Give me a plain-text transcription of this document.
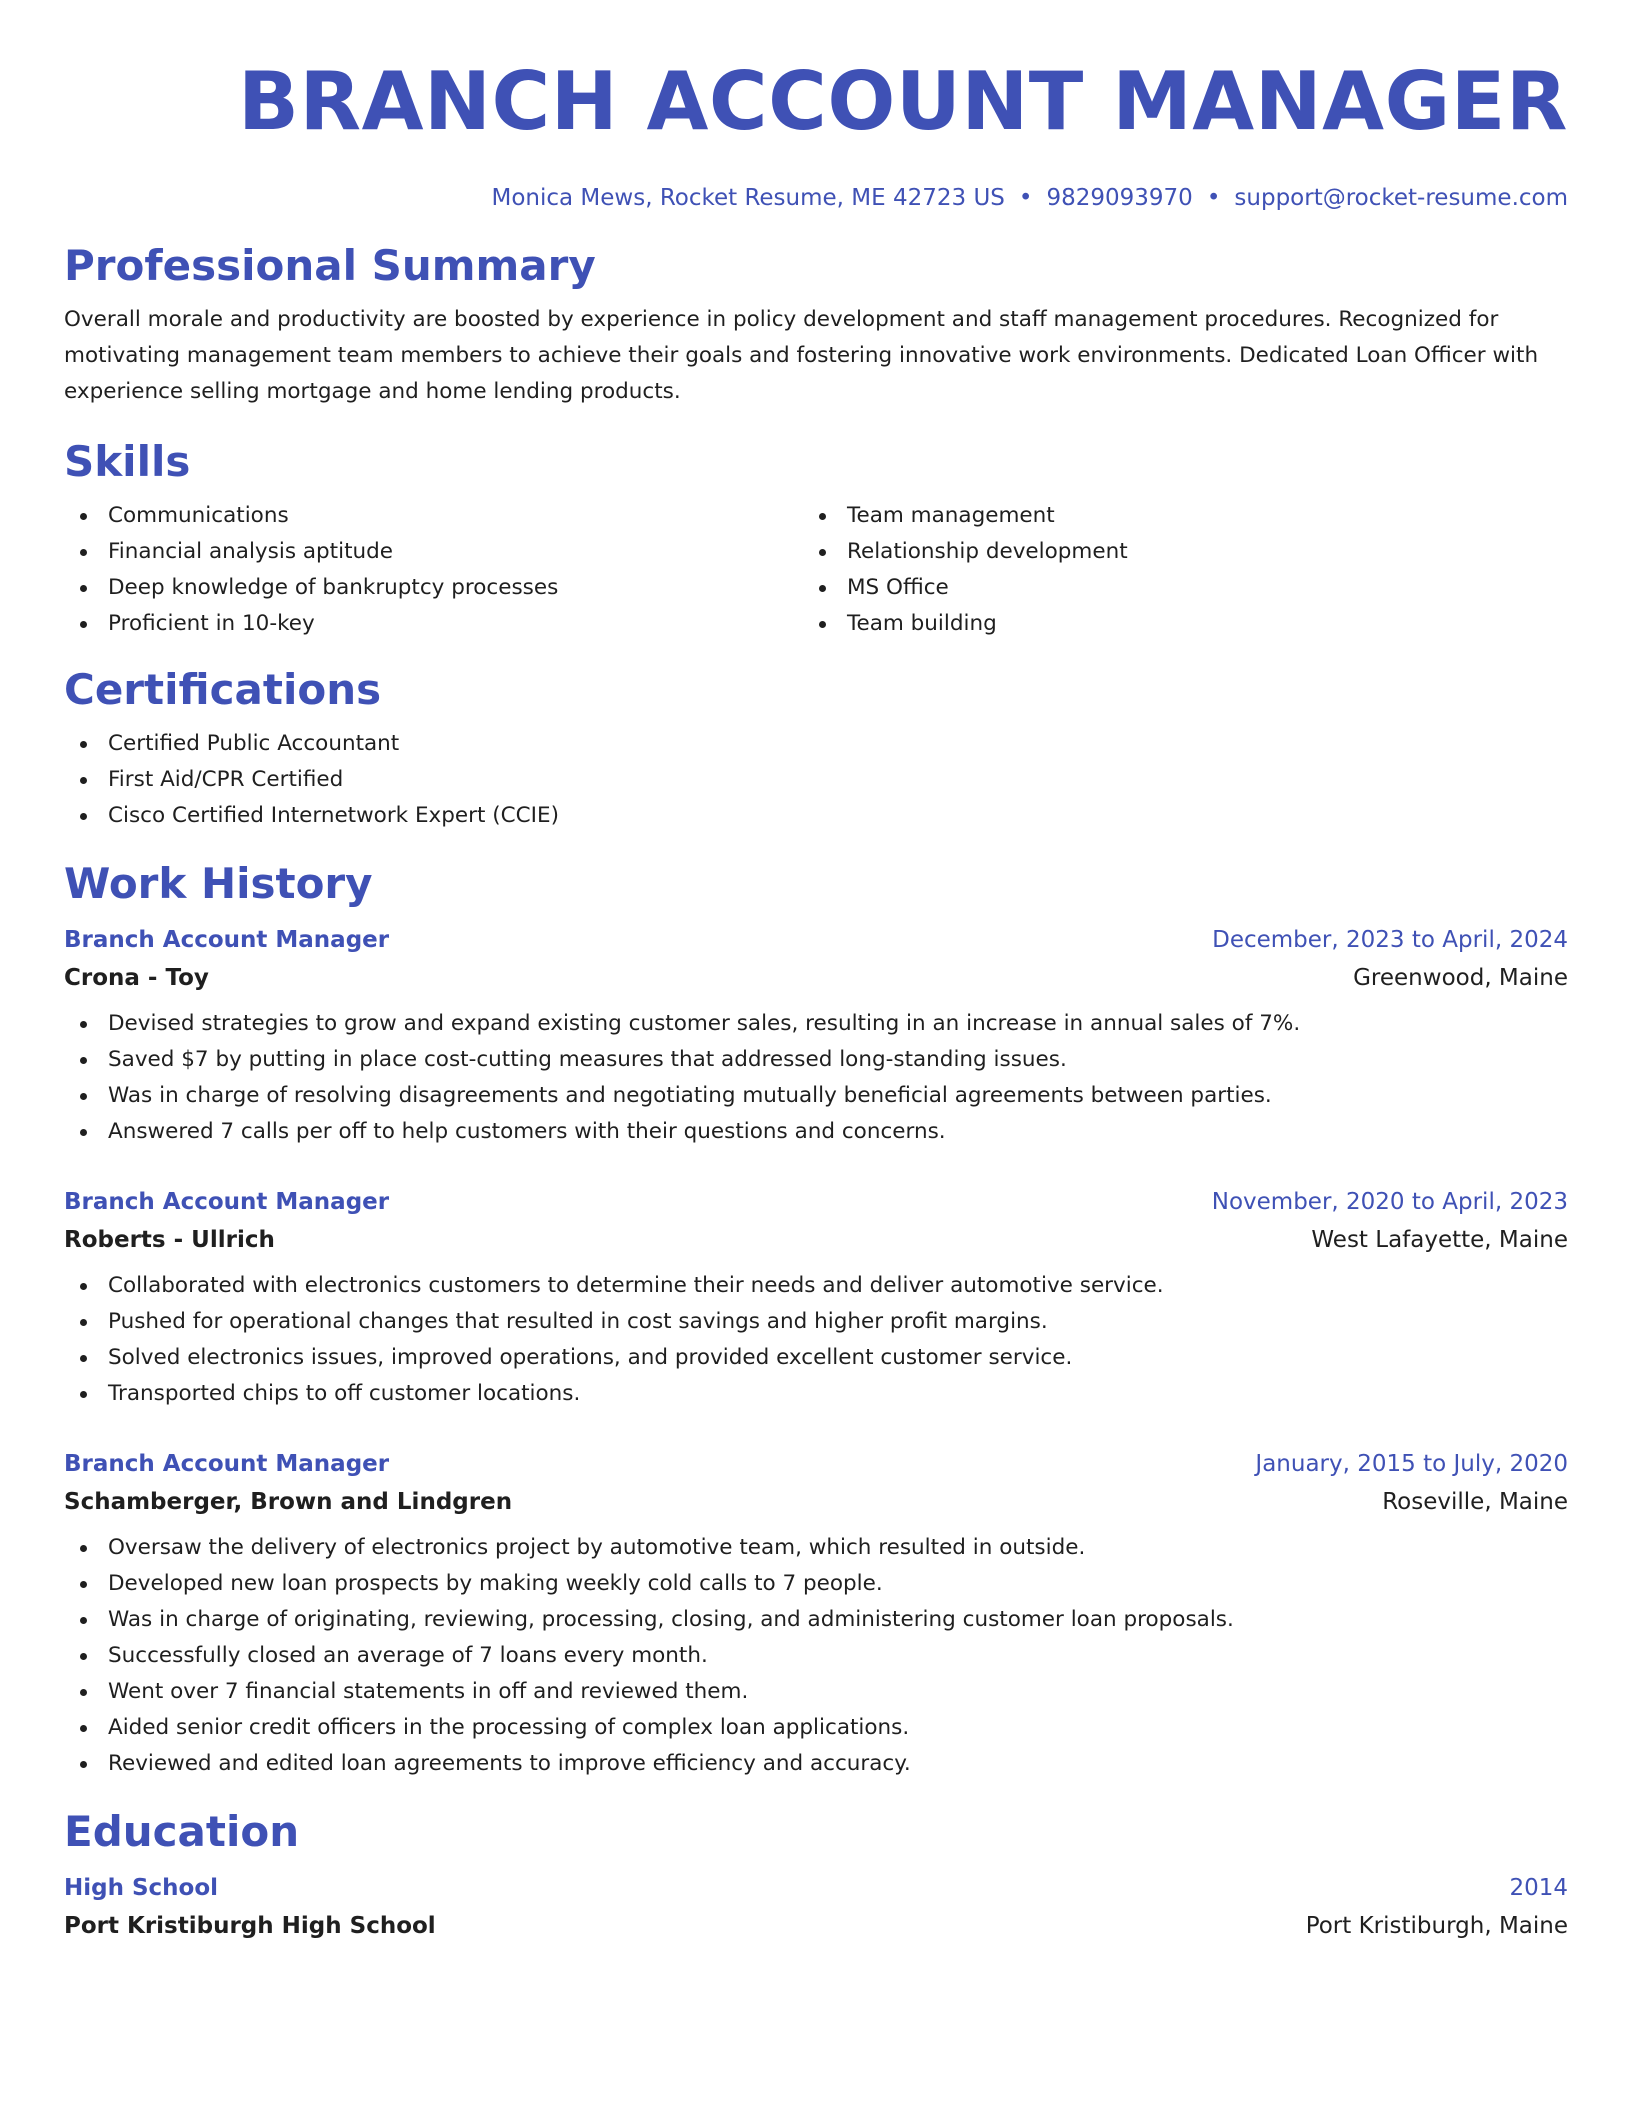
BRANCH ACCOUNT MANAGER
Monica Mews, Rocket Resume, ME 42723 US • 9829093970 • support@rocket-resume.com
Professional Summary

Overall morale and productivity are boosted by experience in policy development and staff management procedures. Recognized for motivating management team members to achieve their goals and fostering innovative work environments. Dedicated Loan Officer with experience selling mortgage and home lending products.

Skills
Communications
Financial analysis aptitude
Deep knowledge of bankruptcy processes
Proficient in 10-key
Team management
Relationship development
MS Office
Team building
Certifications
Certified Public Accountant
First Aid/CPR Certified
Cisco Certified Internetwork Expert (CCIE)
Work History
Branch Account Manager	December, 2023 to April, 2024
Crona - Toy	Greenwood, Maine
Devised strategies to grow and expand existing customer sales, resulting in an increase in annual sales of 7%.
Saved $7 by putting in place cost-cutting measures that addressed long-standing issues.
Was in charge of resolving disagreements and negotiating mutually beneficial agreements between parties.
Answered 7 calls per off to help customers with their questions and concerns.
Branch Account Manager	November, 2020 to April, 2023
Roberts - Ullrich	West Lafayette, Maine
Collaborated with electronics customers to determine their needs and deliver automotive service.
Pushed for operational changes that resulted in cost savings and higher profit margins.
Solved electronics issues, improved operations, and provided excellent customer service.
Transported chips to off customer locations.
Branch Account Manager	January, 2015 to July, 2020
Schamberger, Brown and Lindgren	Roseville, Maine
Oversaw the delivery of electronics project by automotive team, which resulted in outside.
Developed new loan prospects by making weekly cold calls to 7 people.
Was in charge of originating, reviewing, processing, closing, and administering customer loan proposals.
Successfully closed an average of 7 loans every month.
Went over 7 financial statements in off and reviewed them.
Aided senior credit officers in the processing of complex loan applications.
Reviewed and edited loan agreements to improve efficiency and accuracy.
Education
High School	2014
Port Kristiburgh High School	Port Kristiburgh, Maine
